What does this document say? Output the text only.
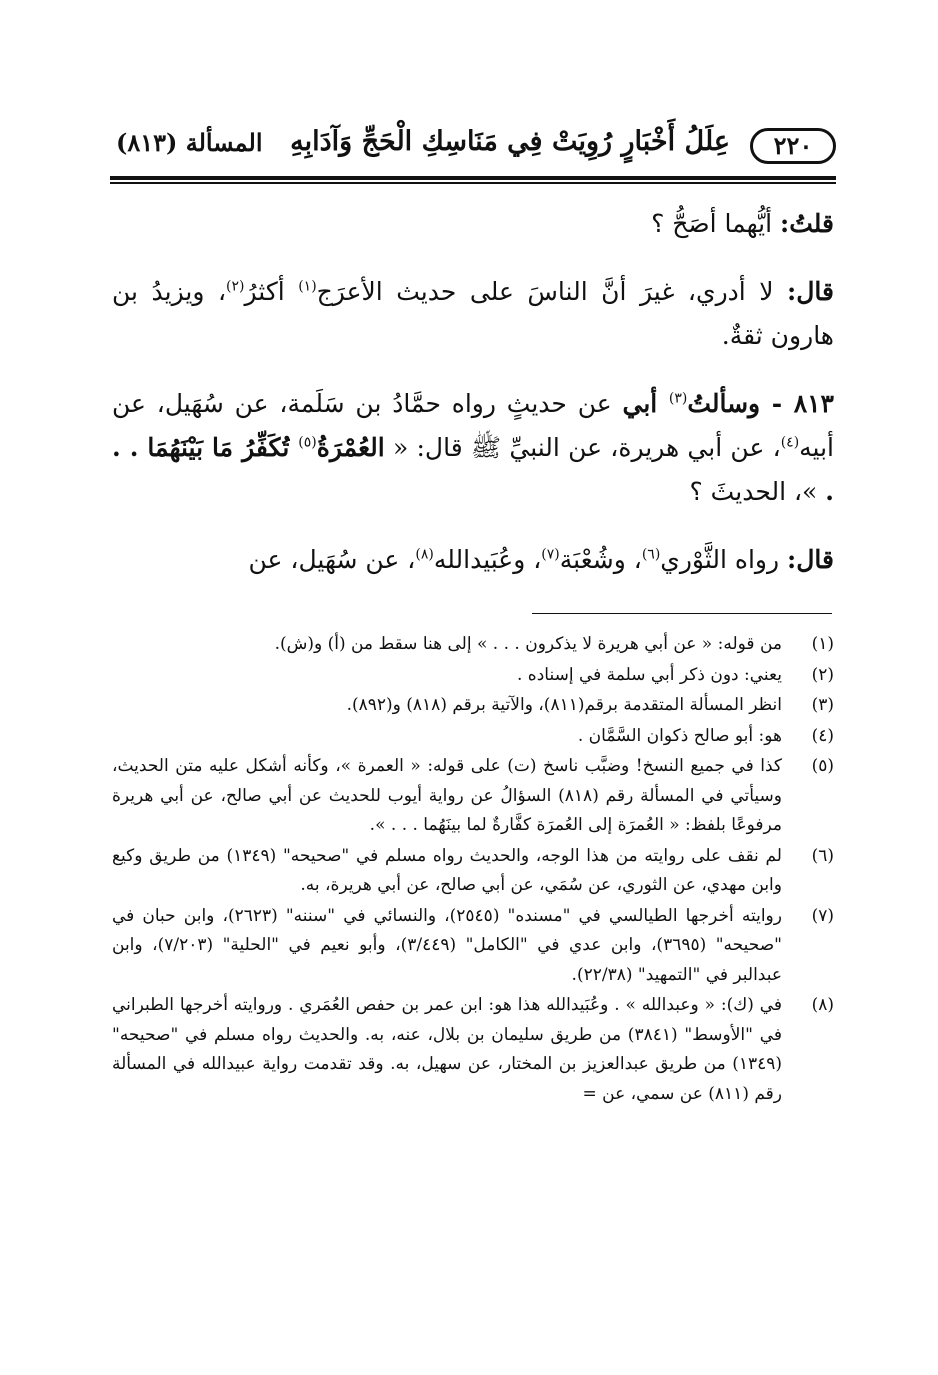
٢٢٠
عِلَلُ أَخْبَارٍ رُوِيَتْ فِي مَنَاسِكِ الْحَجِّ وَآدَابِهِ
المسألة (٨١٣)

قلتُ: أيُّهما أصَحُّ ؟

قال: لا أدري، غيرَ أنَّ الناسَ على حديث الأعرَج$^{(١)}$ أكثرُ$^{(٢)}$، ويزيدُ بن هارون ثقةٌ.

٨١٣ - وسألتُ$^{(٣)}$ أبي عن حديثٍ رواه حمَّادُ بن سَلَمة، عن سُهَيل، عن أبيه$^{(٤)}$، عن أبي هريرة، عن النبيِّ ﷺ قال: « العُمْرَةُ$^{(٥)}$ تُكَفِّرُ مَا بَيْنَهُمَا . . . »، الحديثَ ؟

قال: رواه الثَّوْري$^{(٦)}$، وشُعْبَة$^{(٧)}$، وعُبَيدالله$^{(٨)}$، عن سُهَيل، عن

(١)
من قوله: « عن أبي هريرة لا يذكرون . . . » إلى هنا سقط من (أ) و(ش).
(٢)
يعني: دون ذكر أبي سلمة في إسناده .
(٣)
انظر المسألة المتقدمة برقم(٨١١)، والآتية برقم (٨١٨) و(٨٩٢).
(٤)
هو: أبو صالح ذكوان السَّمَّان .
(٥)
كذا في جميع النسخ! وضبَّب ناسخ (ت) على قوله: « العمرة »، وكأنه أشكل عليه متن الحديث، وسيأتي في المسألة رقم (٨١٨) السؤالُ عن رواية أيوب للحديث عن أبي صالح، عن أبي هريرة مرفوعًا بلفظ: « العُمرَة إلى العُمرَة كفَّارةٌ لما بينَهُما . . . ».
(٦)
لم نقف على روايته من هذا الوجه، والحديث رواه مسلم في "صحيحه" (١٣٤٩) من طريق وكيع وابن مهدي، عن الثوري، عن سُمَي، عن أبي صالح، عن أبي هريرة، به.
(٧)
روايته أخرجها الطيالسي في "مسنده" (٢٥٤٥)، والنسائي في "سننه" (٢٦٢٣)، وابن حبان في "صحيحه" (٣٦٩٥)، وابن عدي في "الكامل" (٣/٤٤٩)، وأبو نعيم في "الحلية" (٧/٢٠٣)، وابن عبدالبر في "التمهيد" (٢٢/٣٨).
(٨)
في (ك): « وعبدالله » . وعُبَيدالله هذا هو: ابن عمر بن حفص العُمَري . وروايته أخرجها الطبراني في "الأوسط" (٣٨٤١) من طريق سليمان بن بلال، عنه، به. والحديث رواه مسلم في "صحيحه" (١٣٤٩) من طريق عبدالعزيز بن المختار، عن سهيل، به. وقد تقدمت رواية عبيدالله في المسألة رقم (٨١١) عن سمي، عن =
